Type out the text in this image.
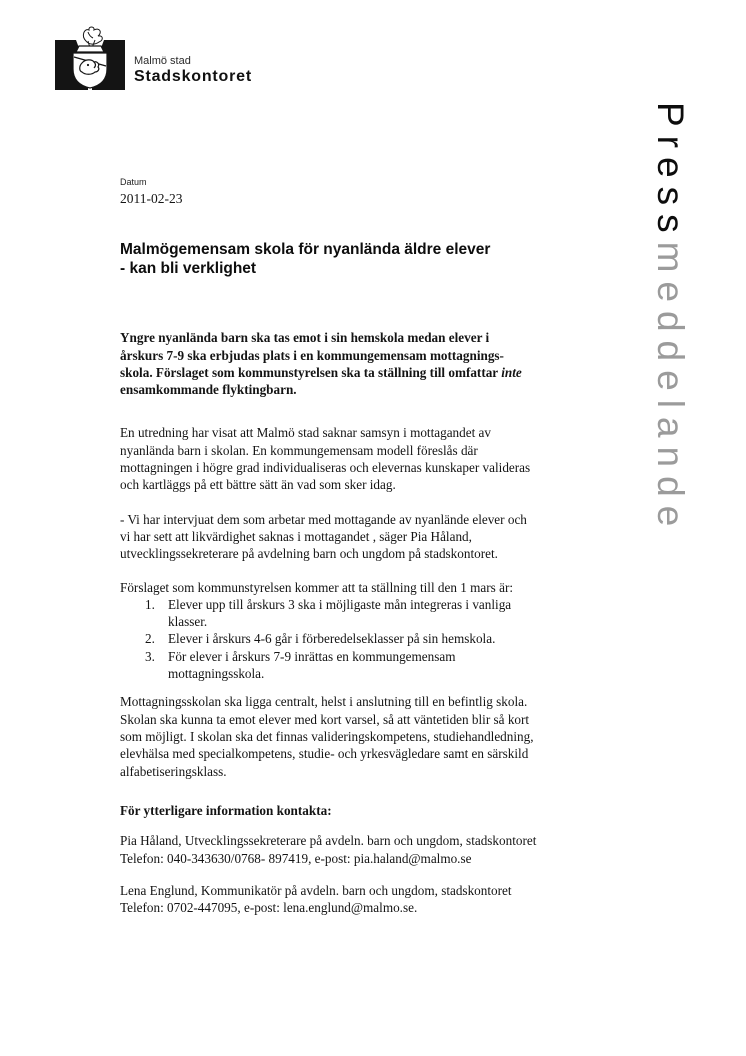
Malmö stad
Stadskontoret
Pressmeddelande
Datum
2011-02-23
Malmögemensam skola för nyanlända äldre elever
- kan bli verklighet

Yngre nyanlända barn ska tas emot i sin hemskola medan elever i
årskurs 7-9 ska erbjudas plats i en kommungemensam mottagnings-
skola. Förslaget som kommunstyrelsen ska ta ställning till omfattar inte
ensamkommande flyktingbarn.

En utredning har visat att Malmö stad saknar samsyn i mottagandet av
nyanlända barn i skolan. En kommungemensam modell föreslås där
mottagningen i högre grad individualiseras och elevernas kunskaper valideras
och kartläggs på ett bättre sätt än vad som sker idag.

- Vi har intervjuat dem som arbetar med mottagande av nyanlände elever och
vi har sett att likvärdighet saknas i mottagandet , säger Pia Håland,
utvecklingssekreterare på avdelning barn och ungdom på stadskontoret.

Förslaget som kommunstyrelsen kommer att ta ställning till den 1 mars är:

1. Elever upp till årskurs 3 ska i möjligaste mån integreras i vanliga
klasser.
2. Elever i årskurs 4-6 går i förberedelseklasser på sin hemskola.
3. För elever i årskurs 7-9 inrättas en kommungemensam
mottagningsskola.

Mottagningsskolan ska ligga centralt, helst i anslutning till en befintlig skola.
Skolan ska kunna ta emot elever med kort varsel, så att väntetiden blir så kort
som möjligt. I skolan ska det finnas valideringskompetens, studiehandledning,
elevhälsa med specialkompetens, studie- och yrkesvägledare samt en särskild
alfabetiseringsklass.

För ytterligare information kontakta:

Pia Håland, Utvecklingssekreterare på avdeln. barn och ungdom, stadskontoret
Telefon: 040-343630/0768- 897419, e-post: pia.haland@malmo.se
Lena Englund, Kommunikatör på avdeln. barn och ungdom, stadskontoret
Telefon: 0702-447095, e-post: lena.englund@malmo.se.
